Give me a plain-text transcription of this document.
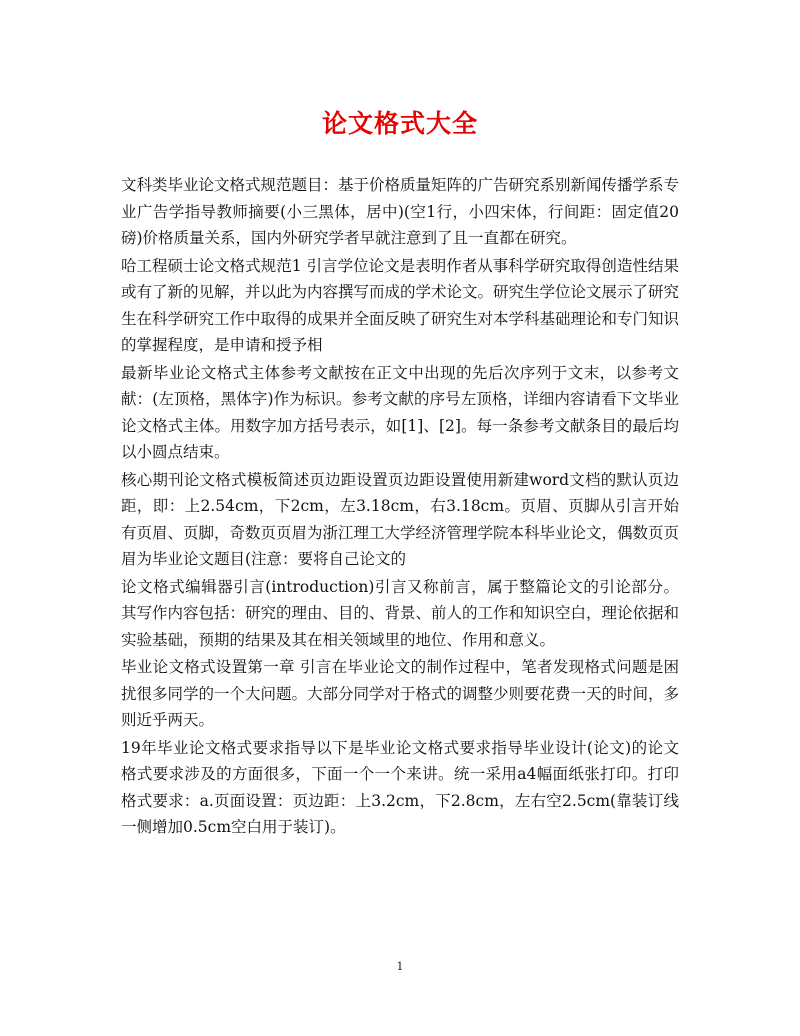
论文格式大全

文科类毕业论文格式规范题目：基于价格质量矩阵的广告研究系别新闻传播学系专业广告学指导教师摘要(小三黑体，居中)(空1行，小四宋体，行间距：固定值20磅)价格质量关系，国内外研究学者早就注意到了且一直都在研究。

哈工程硕士论文格式规范1 引言学位论文是表明作者从事科学研究取得创造性结果或有了新的见解，并以此为内容撰写而成的学术论文。研究生学位论文展示了研究生在科学研究工作中取得的成果并全面反映了研究生对本学科基础理论和专门知识的掌握程度，是申请和授予相

最新毕业论文格式主体参考文献按在正文中出现的先后次序列于文末，以参考文献：(左顶格，黑体字)作为标识。参考文献的序号左顶格，详细内容请看下文毕业论文格式主体。用数字加方括号表示，如[1]、[2]。每一条参考文献条目的最后均以小圆点结束。

核心期刊论文格式模板简述页边距设置页边距设置使用新建word文档的默认页边距，即：上2.54cm，下2cm，左3.18cm，右3.18cm。页眉、页脚从引言开始有页眉、页脚，奇数页页眉为浙江理工大学经济管理学院本科毕业论文，偶数页页眉为毕业论文题目(注意：要将自己论文的

论文格式编辑器引言(introduction)引言又称前言，属于整篇论文的引论部分。其写作内容包括：研究的理由、目的、背景、前人的工作和知识空白，理论依据和实验基础，预期的结果及其在相关领域里的地位、作用和意义。

毕业论文格式设置第一章 引言在毕业论文的制作过程中，笔者发现格式问题是困扰很多同学的一个大问题。大部分同学对于格式的调整少则要花费一天的时间，多则近乎两天。

19年毕业论文格式要求指导以下是毕业论文格式要求指导毕业设计(论文)的论文格式要求涉及的方面很多，下面一个一个来讲。统一采用a4幅面纸张打印。打印格式要求：a.页面设置：页边距：上3.2cm，下2.8cm，左右空2.5cm(靠装订线一侧增加0.5cm空白用于装订)。

1
